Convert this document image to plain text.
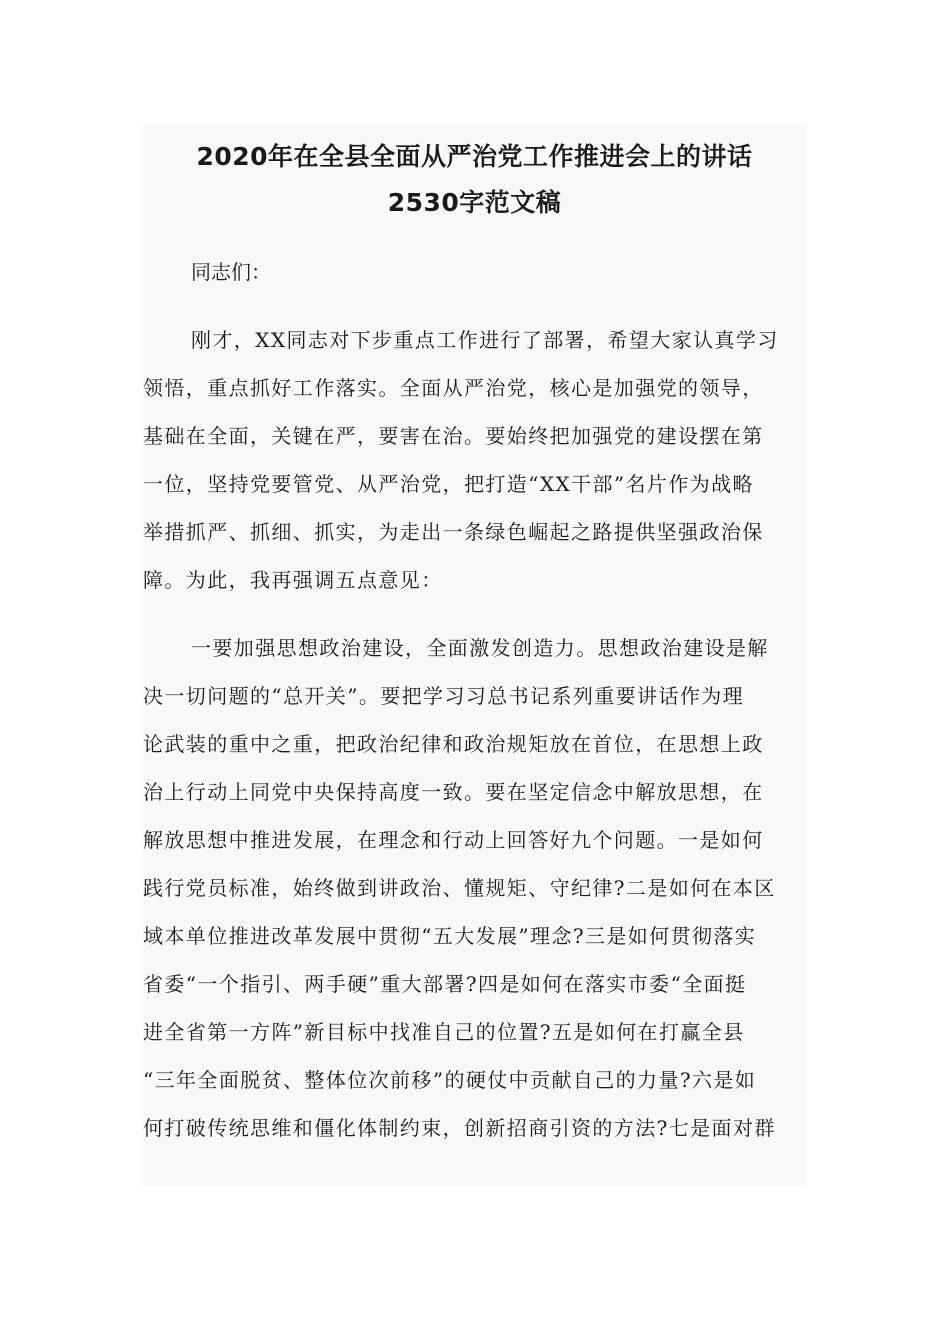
2020年在全县全面从严治党工作推进会上的讲话
2530字范文稿

同志们：

刚才，XX同志对下步重点工作进行了部署，希望大家认真学习
领悟，重点抓好工作落实。全面从严治党，核心是加强党的领导，
基础在全面，关键在严，要害在治。要始终把加强党的建设摆在第
一位，坚持党要管党、从严治党，把打造“XX干部”名片作为战略
举措抓严、抓细、抓实，为走出一条绿色崛起之路提供坚强政治保
障。为此，我再强调五点意见：
一要加强思想政治建设，全面激发创造力。思想政治建设是解
决一切问题的“总开关”。要把学习习总书记系列重要讲话作为理
论武装的重中之重，把政治纪律和政治规矩放在首位，在思想上政
治上行动上同党中央保持高度一致。要在坚定信念中解放思想，在
解放思想中推进发展，在理念和行动上回答好九个问题。一是如何
践行党员标准，始终做到讲政治、懂规矩、守纪律?二是如何在本区
域本单位推进改革发展中贯彻“五大发展”理念?三是如何贯彻落实
省委“一个指引、两手硬”重大部署?四是如何在落实市委“全面挺
进全省第一方阵”新目标中找准自己的位置?五是如何在打赢全县
“三年全面脱贫、整体位次前移”的硬仗中贡献自己的力量?六是如
何打破传统思维和僵化体制约束，创新招商引资的方法?七是面对群
